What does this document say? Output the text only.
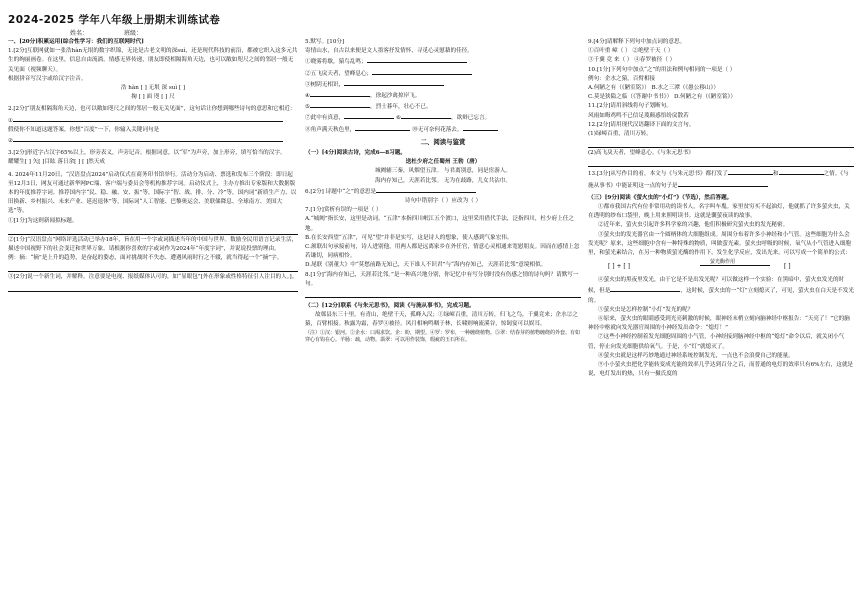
2024-2025 学年八年级上册期末训练试卷
姓名：	班级：

一、[20分]积累运用[综合性学习：我们的互联网时代]

1.[2分]互联网就如一张浩hàn无垠的数字织锦，无论是古老文明的深suì，还是现代科技的前沿，都被它织入这多元共生的绚丽画卷。在这里，信息自由流淌，情感无界传递，朋友即使相隔海角天边，也可以敞如咫尺之间的邻居一般无关见面（视频聊天）。

根据拼音写汉字或给汉字注音。

浩 hàn [ ] 无垠 深 suì [ ]

掬 [ ] 面 咫 [ ] 尺

2.[2分]“朋友相隔海角天边，也可以敞如咫尺之间的邻居一般无关见面”，这句话让你想到哪些诗句的意思和它相近：

①

假使你不知道这题答案，你想“百度”一下，你输入关键词句是

②

3.[2分]形近字占汉字65%以上，形旁表义，声旁记音。根据词意，以“军”为声旁，加上形旁，填写恰当的汉字。

耀耀生[ ] 矢[ ]目眩 落日余[ ] [ ]然天成

4. 2024年11月20日，“汉语盘点2024”启动仪式在商务印书馆举行。活动分为启动、票选和发布三个阶段：即日起至12月3日，网友可通过新华网PC端、客户端与委员会等机构推荐字词。启动仪式上，主办方推出专家版和大数据版本的年度推荐字词。推荐国内字“民、稳、融、安、振”等，国际字“智、战、排、分、冷”等，国内词“新质生产力、以旧换新、乡村振兴、未来产业、延迟退休”等，国际词“人工智能、巴黎奥运会、美联储降息、全球南方、美国大选”等。

①[1分]为这则新闻拟标题。

②[1分]“汉语盘点”网络评选活动已举办18年，旨在用一个字或词描述当年的中国与世界。数励全民用语言记录生活，描述中国视野下的社会变迁和世界万象。请根据你喜欢的字或词作为2024年“年度字词”，并说说投票的理由。

例：摘：“摘”是上升的趋势，是奋起的姿态，面对挑战时不失态、遭遇风雨时行之不辍，就当得起一个“摘”字。

③[2分]说一个新生词，并解释。注意要是电视、报纸媒体认可的，如“显眼包”[外在形象或性格特征引人注目的人。]。

5.默写。[10分]

寄情山水，自古以来便是文人墨客抒发情怀、寻觅心灵慰藉的佳径。

①晓雾将歇，猿鸟乱鸣；

②五飞戾天者，望峰息心；

③树阴无相识，

④	，徐起沙禽掠岸飞。

⑤	，烈士暮年，壮心不已。

⑦此中有真意，	⑥	，欲辩已忘言。

⑧角声满天秋色里，	⑩无可奈何花落去。

二、阅读与鉴赏

（一）[4分]阅读古诗，完成6—8习题。

送杜少府之任蜀州 王勃（唐）

城阙辅三秦，风烟望五津。 与君离别意，同是宦游人。

海内存知己，天涯若比邻。 无为在歧路，儿女共沾巾。

6.[2分] 诗题中“之”的意思是

诗句中错别字（ ）应改为（ ）

7.[1分]赏析有误的一项是（ ）

A.“城阙”指长安，这里是动词，“五津”本指四川岷江五个渡口，这里采用借代手法，泛指四川，杜少府上任之地。

B.在长安西望“五津”，可见“望”并非是实写，这是诗人的想象，使人感到气象宏伟。

C.颔联出句承接前句，诗人进别他，用两人都是远离家乡在外任官，情意心灵相通来宽慰朋友。因而在感情上忽若谦切，同病相怜。

D.尾联《别董大》中“莫愁前路无知己，天下谁人不识君”与“海内存知己，天涯若比邻”意境相似。

8.[1分]“海内存知己，天涯若比邻。”是一种高兴地分别，你记忆中有写分别时没有伤感之情的诗句吗？请默写一句。

（二）[12分]联系《与朱元思书》，阅读《与施从事书》，完成习题。

故鄣县东三十里，有青山，绝壁干天，孤峰入汉；①绿嶂百重，清川万转，归飞之鸟，千翼竞来；企水②之猿，百臂相接。秋露为霜，春罗④被径。风月相响鸣咽于林，长啸则响流溪谷，惊谒宴可以娱耳。

（注）①汉：银河。②企水：口渴求饮。企：盼，期望。④罗：罗布，一种缠绕植物。⑤翠：结春芽的植物缠绕的外套。有如穿心有钩在心。羊肠：疏，动物。翡翠：可以用作装饰，瑕疵的玉石所在。

9.[4分]请解释下列句中加点词的意思。

①百叶重 嶂（ ） ②绝壁干天（ ）

③千翼 竞 来（ ） ④春罗被径（ ）

10.[1分]下列句中加点“之”的用法和例句相同的一项是（ ）

例句：企水之猿，百臂相接

A.何陋之有（《陋室铭》） B.水之三潭（《愚公移山》）

C.莫是狭隘之临（《答谢中书书》） D.何陋之有（《陋室铭》）

11.[2分]请用斜线将句子划断句。

风雨如晦鸡鸣不已信足蔑颠惑悟纷戾散若

12.[2分]请用现代汉语翻译下面的文言句。

(1)绿嶂百重，清川万转。

(2)高飞戾天者，望峰息心。《与朱元思书》

13.[3分]从写作目的看，本文与《与朱元思书》都打发了	和	之情。《与施从事书》中能证明这一点的句子是

（三）[9分]阅读《萤火虫的“小灯”》（节选），然后答题。

①都市我国古代有位非常用功的读书人，名字叫车胤。家里贫穷买不起油灯，他就抓了许多萤火虫，关在透明的纱布口袋里，晚上用来照明读书。这就是囊萤夜读的故事。

②近年来，萤火虫引起许多科学家的兴趣，他们积极研究萤火虫的发光秘密。

③萤火虫的发光器官由一个圆柄体的大细胞组成。周围分布着许多小神经和小气管。这些细胞为什么会发光呢？原来，这些细胞中含有一种特殊的物质，叫做萤光素。萤火虫呼吸的时候，氧气从小气管进入细胞里，和萤光素结合，在另一种物质萤光酶的作用下，发生化学反应，发出光来。可以写成一个简单的公式：

[ ] + [ ]
萤光酶作用
[ ]

④萤火虫的黑夜里发光，由于它是不是出发光呢？可以做这样一个实验：在黑暗中，萤火虫发光的时候，但是	，这时候，萤火虫的一“灯”立刻熄灭了，可见，萤火虫在白天是不发光的。

⑤萤火虫是怎样控制“小灯”发光的呢？

⑥原来，萤火虫的眼睛感受到光亮刺激的时候，眼神经末梢立刻向脑神经中枢报告：“天亮了！”它的脑神经中枢就向发光器官周围的小神经发出命令：“熄灯！”

⑦这些小神经控制着发光细胞周围的小气管，小神经接到脑神经中枢的“熄灯”命令以后，就关闭小气管，停止向发光细胞供给氧气。于是，小“灯”就熄灭了。

⑧萤火虫就是这样巧妙地通过神经系统控制发光，一点也不会浪费自己的能量。

⑨小小萤火虫把化学能转变成光能的效率几乎达到百分之百，而普通的电灯的效率只有6%左右，这就是说，电灯发出的热，只有一摄氏度的
